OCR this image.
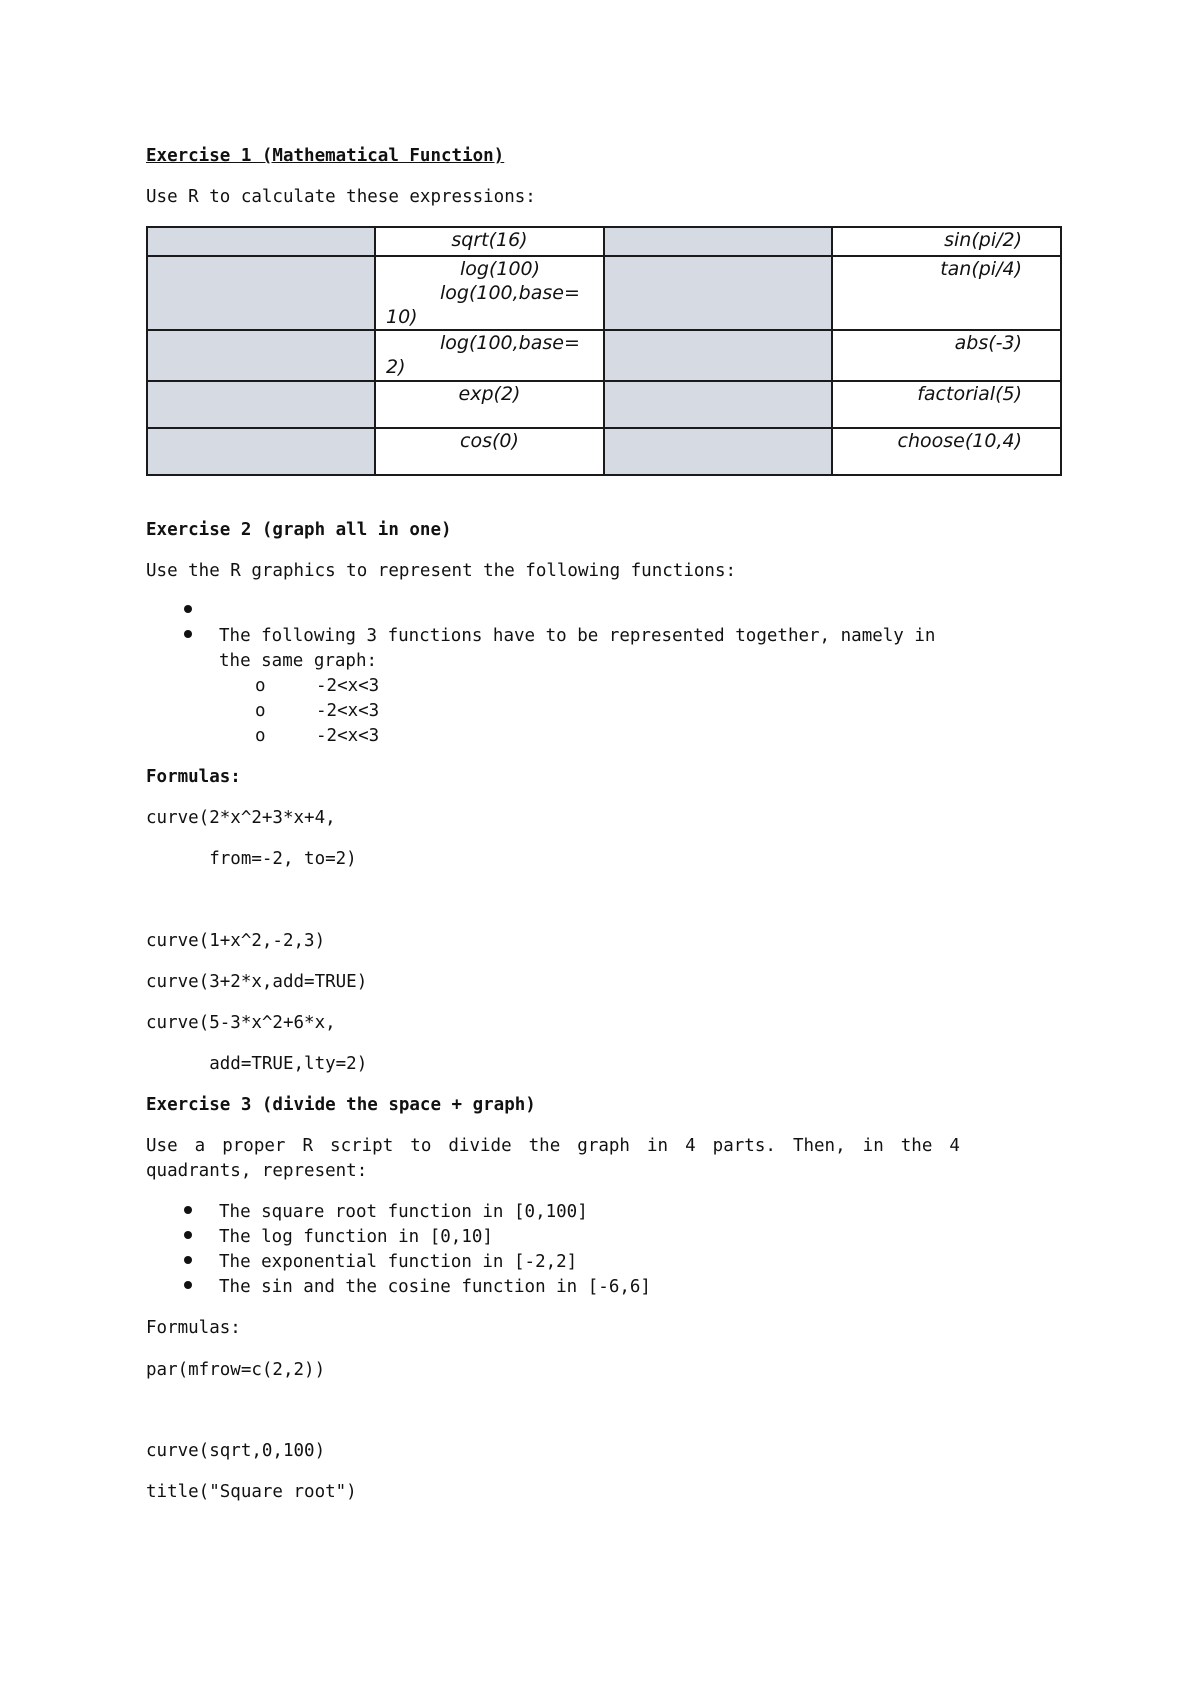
Exercise 1 (Mathematical Function)
Use R to calculate these expressions:

	sqrt(16)		sin(pi/2)

	log(100)
log(100,base=
10)		tan(pi/4)

	log(100,base=
2)		abs(-3)

	exp(2)		factorial(5)

	cos(0)		choose(10,4)
Exercise 2 (graph all in one)
Use the R graphics to represent the following functions:
The following 3 functions have to be represented together, namely in
the same graph:
o	-2<x<3
o	-2<x<3
o	-2<x<3
Formulas:
curve(2*x^2+3*x+4,
from=-2, to=2)
curve(1+x^2,-2,3)
curve(3+2*x,add=TRUE)
curve(5-3*x^2+6*x,
add=TRUE,lty=2)
Exercise 3 (divide the space + graph)
Use a proper R script to divide the graph in 4 parts. Then, in the 4
quadrants, represent:
The square root function in [0,100]
The log function in [0,10]
The exponential function in [-2,2]
The sin and the cosine function in [-6,6]
Formulas:
par(mfrow=c(2,2))
curve(sqrt,0,100)
title("Square root")
